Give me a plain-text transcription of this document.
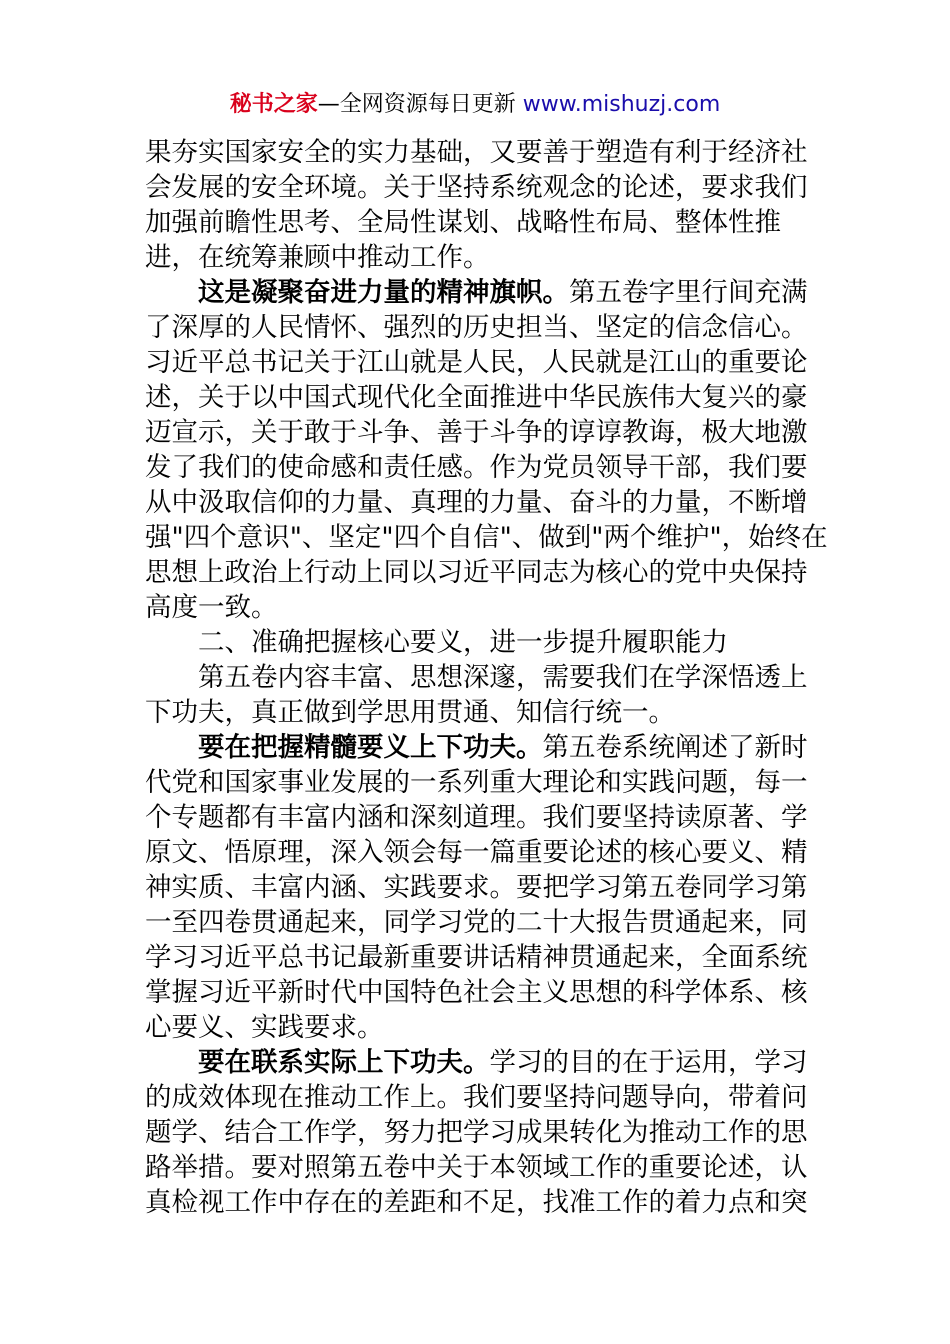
秘书之家—全网资源每日更新 www.mishuzj.com
果夯实国家安全的实力基础，又要善于塑造有利于经济社
会发展的安全环境。关于坚持系统观念的论述，要求我们
加强前瞻性思考、全局性谋划、战略性布局、整体性推
进，在统筹兼顾中推动工作。
这是凝聚奋进力量的精神旗帜。第五卷字里行间充满
了深厚的人民情怀、强烈的历史担当、坚定的信念信心。
习近平总书记关于江山就是人民，人民就是江山的重要论
述，关于以中国式现代化全面推进中华民族伟大复兴的豪
迈宣示，关于敢于斗争、善于斗争的谆谆教诲，极大地激
发了我们的使命感和责任感。作为党员领导干部，我们要
从中汲取信仰的力量、真理的力量、奋斗的力量，不断增
强"四个意识"、坚定"四个自信"、做到"两个维护"，始终在
思想上政治上行动上同以习近平同志为核心的党中央保持
高度一致。
二、准确把握核心要义，进一步提升履职能力
第五卷内容丰富、思想深邃，需要我们在学深悟透上
下功夫，真正做到学思用贯通、知信行统一。
要在把握精髓要义上下功夫。第五卷系统阐述了新时
代党和国家事业发展的一系列重大理论和实践问题，每一
个专题都有丰富内涵和深刻道理。我们要坚持读原著、学
原文、悟原理，深入领会每一篇重要论述的核心要义、精
神实质、丰富内涵、实践要求。要把学习第五卷同学习第
一至四卷贯通起来，同学习党的二十大报告贯通起来，同
学习习近平总书记最新重要讲话精神贯通起来，全面系统
掌握习近平新时代中国特色社会主义思想的科学体系、核
心要义、实践要求。
要在联系实际上下功夫。学习的目的在于运用，学习
的成效体现在推动工作上。我们要坚持问题导向，带着问
题学、结合工作学，努力把学习成果转化为推动工作的思
路举措。要对照第五卷中关于本领域工作的重要论述，认
真检视工作中存在的差距和不足，找准工作的着力点和突
